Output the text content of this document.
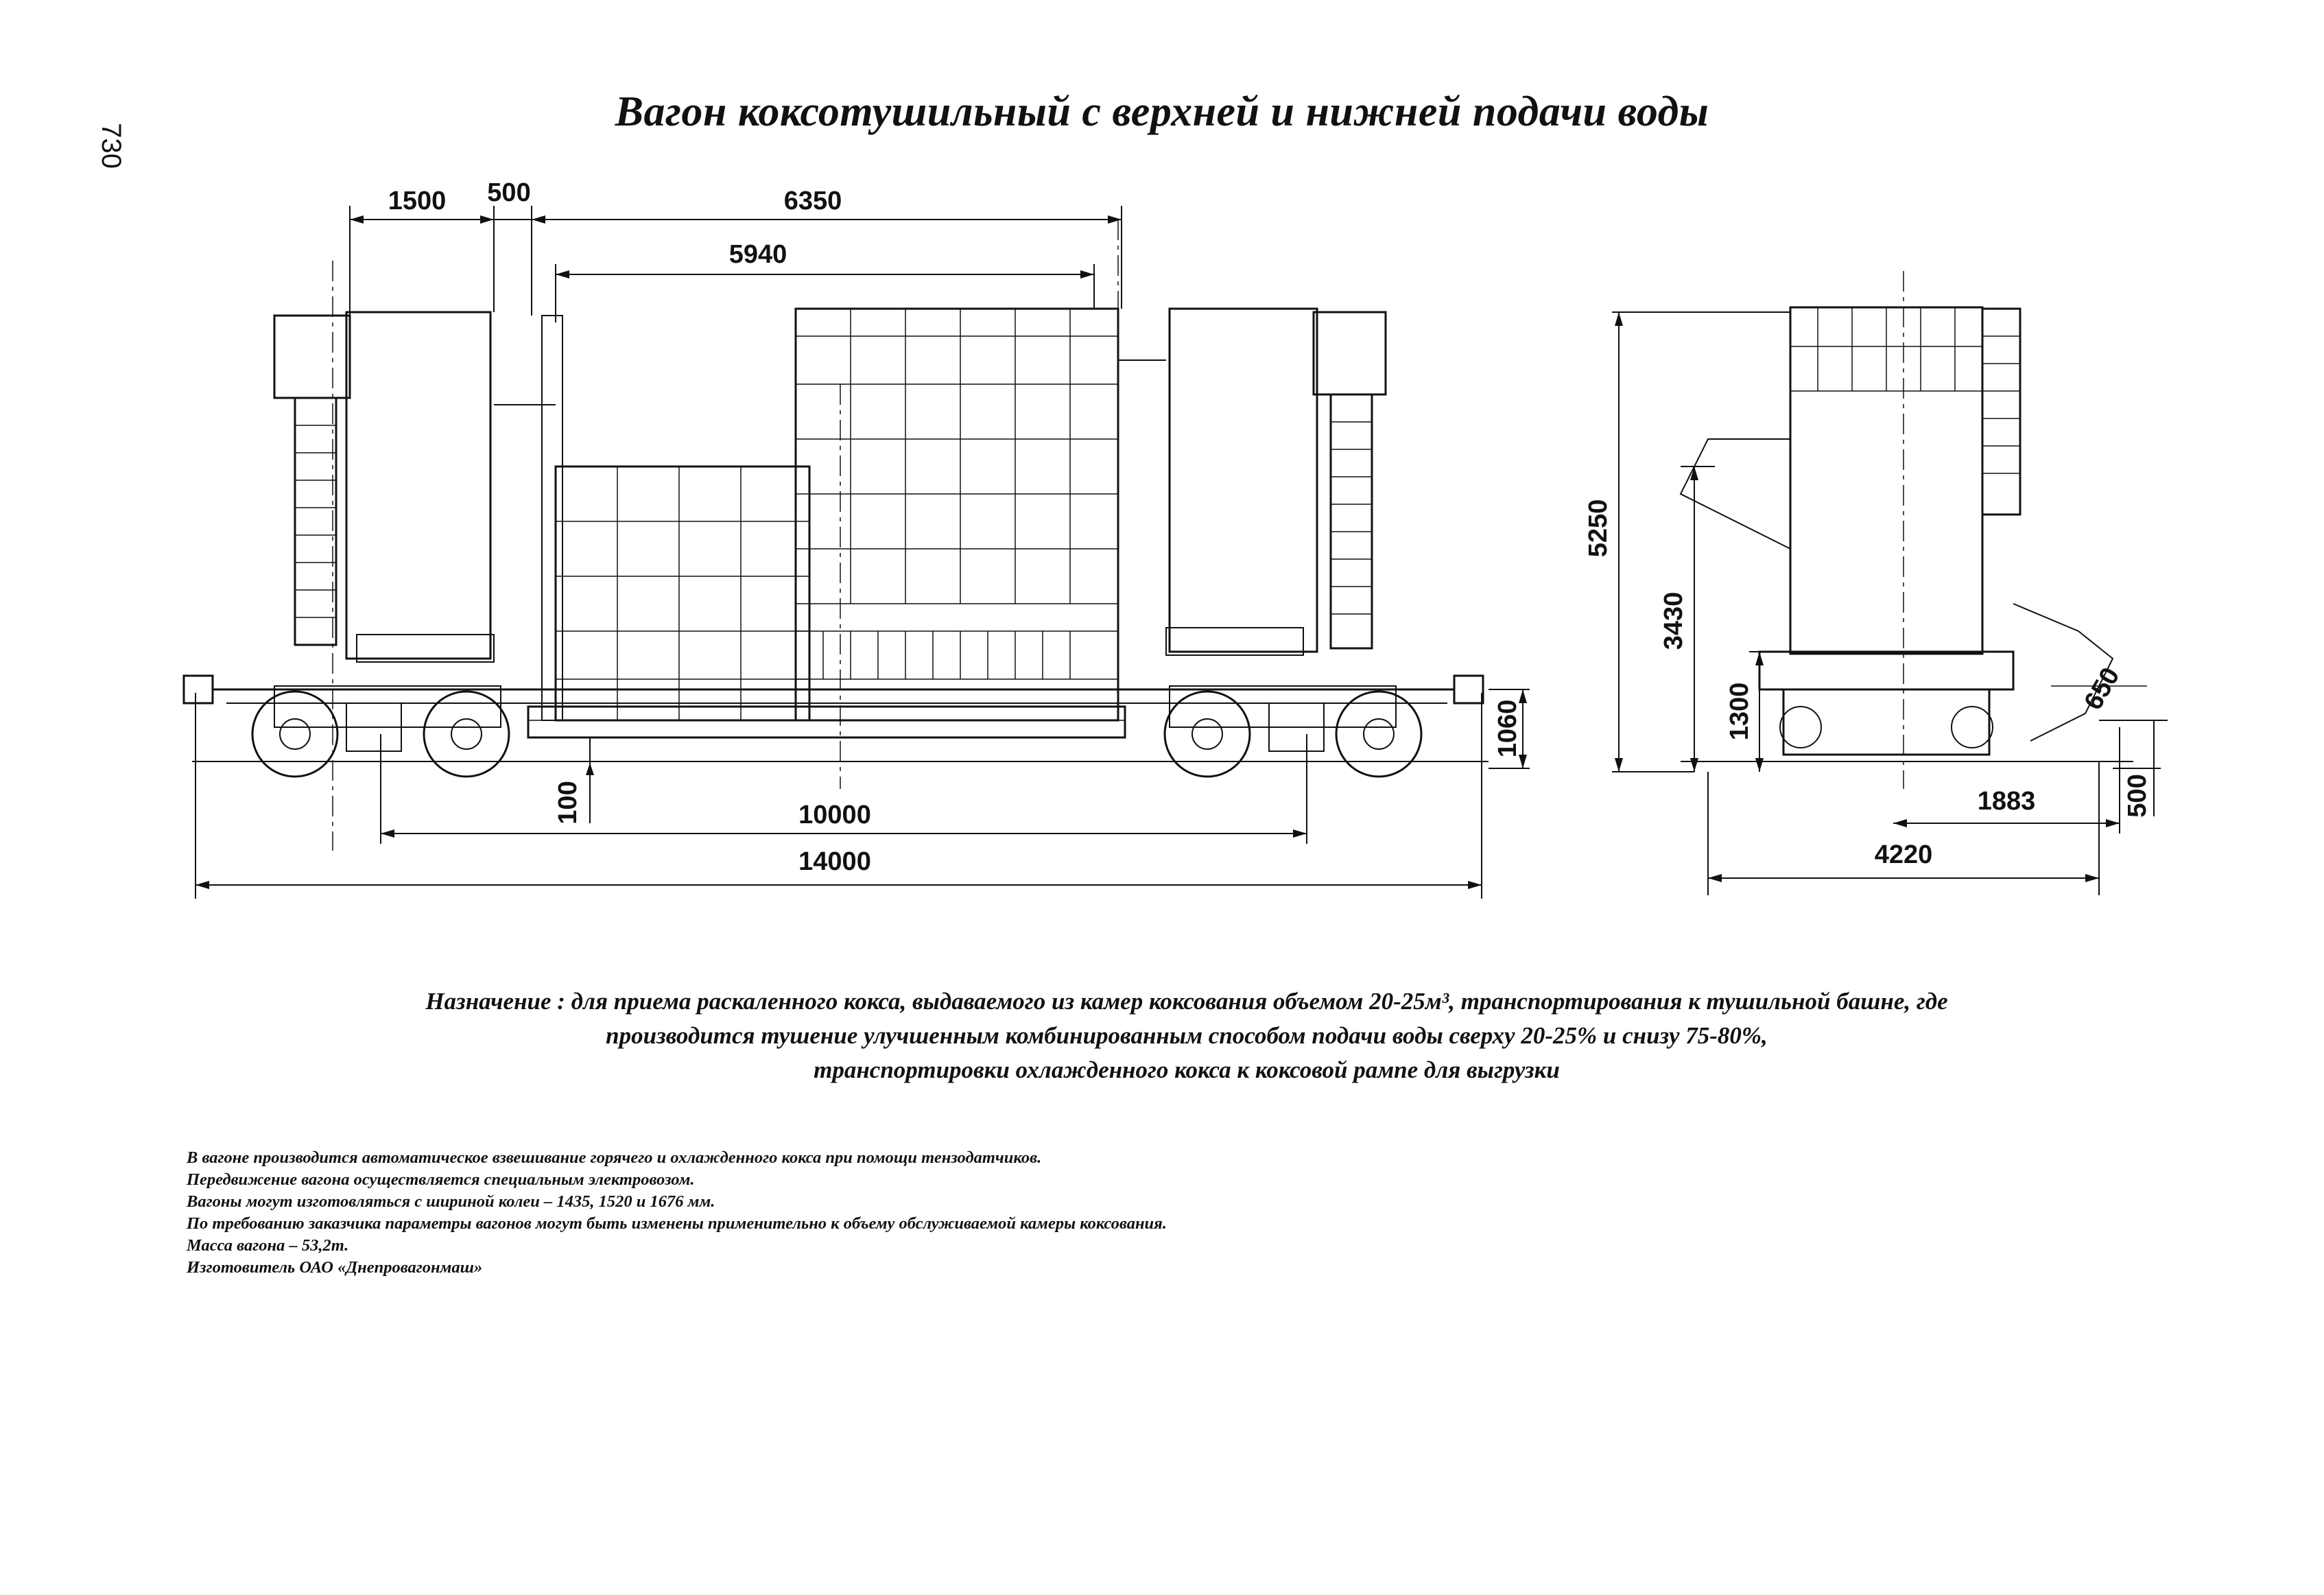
730
Вагон коксотушильный с верхней и нижней подачи воды
1500 500	6350
5940
10000
14000
1060
100
5250
3430
1300	650
1883	500
4220
Назначение : для приема раскаленного кокса, выдаваемого из камер коксования объемом 20-25м³, транспортирования к тушильной башне, где
производится тушение улучшенным комбинированным способом подачи воды сверху 20-25% и снизу 75-80%,
транспортировки охлажденного кокса к коксовой рампе для выгрузки
В вагоне производится автоматическое взвешивание горячего и охлажденного кокса при помощи тензодатчиков.
Передвижение вагона осуществляется специальным электровозом.
Вагоны могут изготовляться с шириной колеи – 1435, 1520 и 1676 мм.
По требованию заказчика параметры вагонов могут быть изменены применительно к объему обслуживаемой камеры коксования.
Масса вагона – 53,2т.
Изготовитель ОАО «Днепровагонмаш»
